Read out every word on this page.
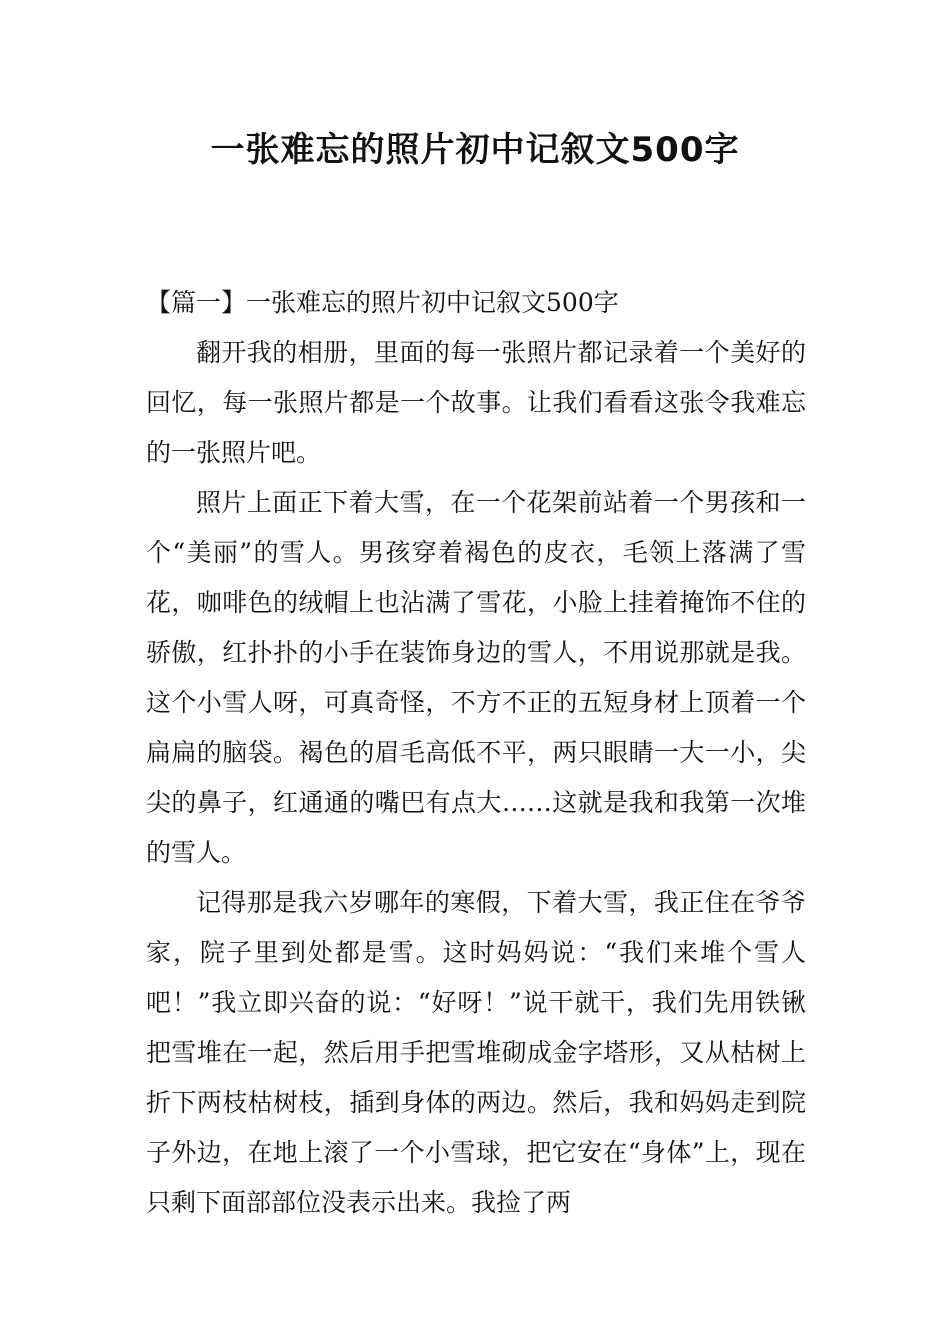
一张难忘的照片初中记叙文500字

【篇一】一张难忘的照片初中记叙文500字

翻开我的相册，里面的每一张照片都记录着一个美好的回忆，每一张照片都是一个故事。让我们看看这张令我难忘的一张照片吧。

照片上面正下着大雪，在一个花架前站着一个男孩和一个“美丽”的雪人。男孩穿着褐色的皮衣，毛领上落满了雪花，咖啡色的绒帽上也沾满了雪花，小脸上挂着掩饰不住的骄傲，红扑扑的小手在装饰身边的雪人，不用说那就是我。这个小雪人呀，可真奇怪，不方不正的五短身材上顶着一个扁扁的脑袋。褐色的眉毛高低不平，两只眼睛一大一小，尖尖的鼻子，红通通的嘴巴有点大……这就是我和我第一次堆的雪人。

记得那是我六岁哪年的寒假，下着大雪，我正住在爷爷家，院子里到处都是雪。这时妈妈说：“我们来堆个雪人吧！”我立即兴奋的说：“好呀！”说干就干，我们先用铁锹把雪堆在一起，然后用手把雪堆砌成金字塔形，又从枯树上折下两枝枯树枝，插到身体的两边。然后，我和妈妈走到院子外边，在地上滚了一个小雪球，把它安在“身体”上，现在只剩下面部部位没表示出来。我捡了两
